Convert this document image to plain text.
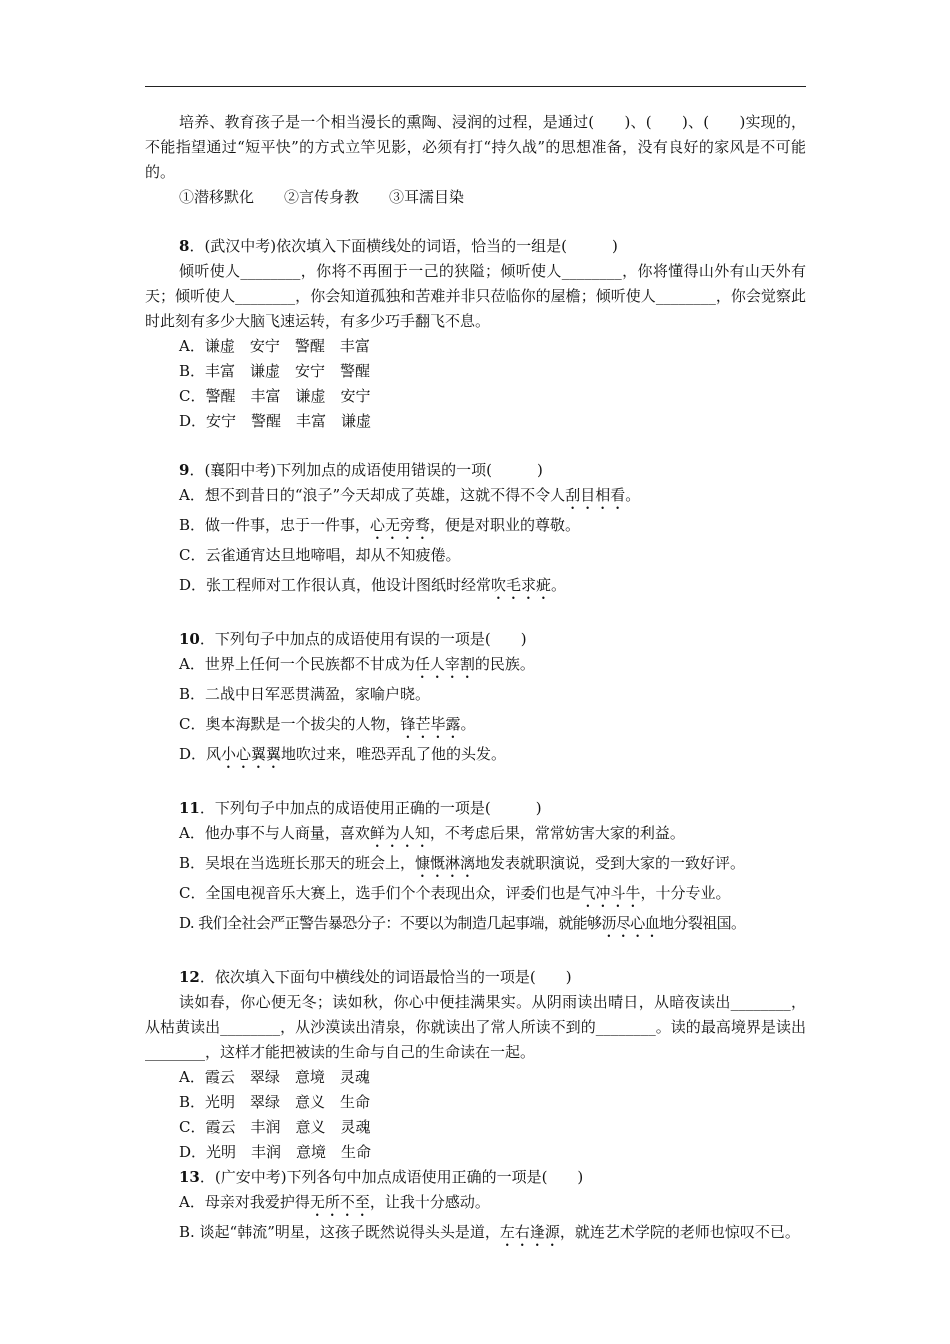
培养、教育孩子是一个相当漫长的熏陶、浸润的过程，是通过(　　)、(　　)、(　　)实现的，不能指望通过“短平快”的方式立竿见影，必须有打“持久战”的思想准备，没有良好的家风是不可能的。

①潜移默化　　②言传身教　　③耳濡目染

8．(武汉中考)依次填入下面横线处的词语，恰当的一组是(　　　)

倾听使人________，你将不再囿于一己的狭隘；倾听使人________，你将懂得山外有山天外有天；倾听使人________，你会知道孤独和苦难并非只莅临你的屋檐；倾听使人________，你会觉察此时此刻有多少大脑飞速运转，有多少巧手翻飞不息。

A．谦虚　安宁　警醒　丰富

B．丰富　谦虚　安宁　警醒

C．警醒　丰富　谦虚　安宁

D．安宁　警醒　丰富　谦虚

9．(襄阳中考)下列加点的成语使用错误的一项(　　　)

A．想不到昔日的“浪子”今天却成了英雄，这就不得不令人刮目相看。

B．做一件事，忠于一件事，心无旁骛，便是对职业的尊敬。

C．云雀通宵达旦地啼唱，却从不知疲倦。

D．张工程师对工作很认真，他设计图纸时经常吹毛求疵。

10．下列句子中加点的成语使用有误的一项是(　　)

A．世界上任何一个民族都不甘成为任人宰割的民族。

B．二战中日军恶贯满盈，家喻户晓。

C．奥本海默是一个拔尖的人物，锋芒毕露。

D．风小心翼翼地吹过来，唯恐弄乱了他的头发。

11．下列句子中加点的成语使用正确的一项是(　　　)

A．他办事不与人商量，喜欢鲜为人知，不考虑后果，常常妨害大家的利益。

B．吴垠在当选班长那天的班会上，慷慨淋漓地发表就职演说，受到大家的一致好评。

C．全国电视音乐大赛上，选手们个个表现出众，评委们也是气冲斗牛，十分专业。

D. 我们全社会严正警告暴恐分子：不要以为制造几起事端，就能够沥尽心血地分裂祖国。

12．依次填入下面句中横线处的词语最恰当的一项是(　　)

读如春，你心便无冬；读如秋，你心中便挂满果实。从阴雨读出晴日，从暗夜读出________，从枯黄读出________，从沙漠读出清泉，你就读出了常人所读不到的________。读的最高境界是读出________，这样才能把被读的生命与自己的生命读在一起。

A．霞云　翠绿　意境　灵魂

B．光明　翠绿　意义　生命

C．霞云　丰润　意义　灵魂

D．光明　丰润　意境　生命

13．(广安中考)下列各句中加点成语使用正确的一项是(　　)

A．母亲对我爱护得无所不至，让我十分感动。

B. 谈起“韩流”明星，这孩子既然说得头头是道，左右逢源，就连艺术学院的老师也惊叹不已。
